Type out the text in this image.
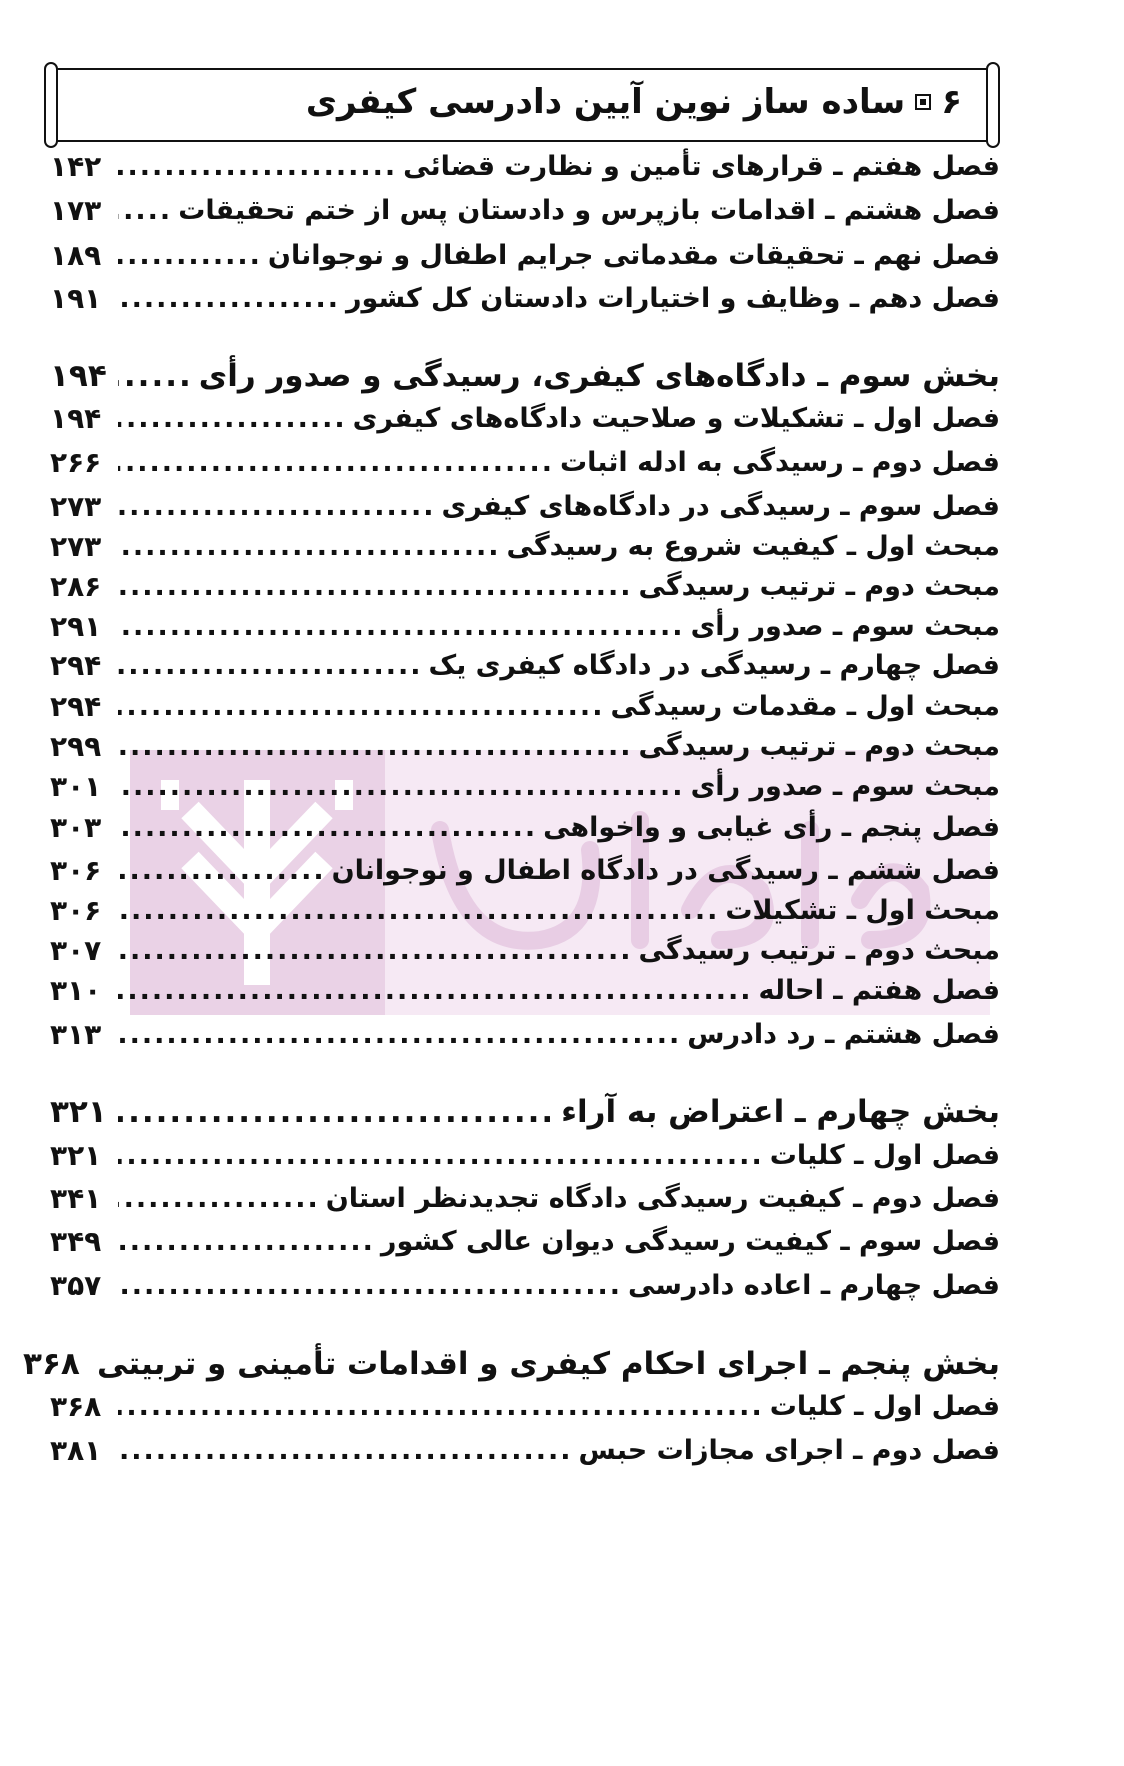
۶
ساده ساز نوین آیین دادرسی کیفری
فصل هفتم ـ قرارهای تأمین و نظارت قضائی
.....
۱۴۲
فصل هشتم ـ اقدامات بازپرس و دادستان پس از ختم تحقیقات
.....
۱۷۳
فصل نهم ـ تحقیقات مقدماتی جرایم اطفال و نوجوانان
.....
۱۸۹
فصل دهم ـ وظایف و اختیارات دادستان کل کشور
.....
۱۹۱
بخش سوم ـ دادگاه‌های کیفری، رسیدگی و صدور رأی
.....
۱۹۴
فصل اول ـ تشکیلات و صلاحیت دادگاه‌های کیفری
.....
۱۹۴
فصل دوم ـ رسیدگی به ادله اثبات
.....
۲۶۶
فصل سوم ـ رسیدگی در دادگاه‌های کیفری
.....
۲۷۳
مبحث اول ـ کیفیت شروع به رسیدگی
.....
۲۷۳
مبحث دوم ـ ترتیب رسیدگی
.....
۲۸۶
مبحث سوم ـ صدور رأی
.....
۲۹۱
فصل چهارم ـ رسیدگی در دادگاه کیفری یک
.....
۲۹۴
مبحث اول ـ مقدمات رسیدگی
.....
۲۹۴
مبحث دوم ـ ترتیب رسیدگی
.....
۲۹۹
مبحث سوم ـ صدور رأی
.....
۳۰۱
فصل پنجم ـ رأی غیابی و واخواهی
.....
۳۰۳
فصل ششم ـ رسیدگی در دادگاه اطفال و نوجوانان
.....
۳۰۶
مبحث اول ـ تشکیلات
.....
۳۰۶
مبحث دوم ـ ترتیب رسیدگی
.....
۳۰۷
فصل هفتم ـ احاله
.....
۳۱۰
فصل هشتم ـ رد دادرس
.....
۳۱۳
بخش چهارم ـ اعتراض به آراء
.....
۳۲۱
فصل اول ـ کلیات
.....
۳۲۱
فصل دوم ـ کیفیت رسیدگی دادگاه تجدیدنظر استان
.....
۳۴۱
فصل سوم ـ کیفیت رسیدگی دیوان عالی کشور
.....
۳۴۹
فصل چهارم ـ اعاده دادرسی
.....
۳۵۷
بخش پنجم ـ اجرای احکام کیفری و اقدامات تأمینی و تربیتی
۳۶۸
فصل اول ـ کلیات
.....
۳۶۸
فصل دوم ـ اجرای مجازات حبس
.....
۳۸۱
